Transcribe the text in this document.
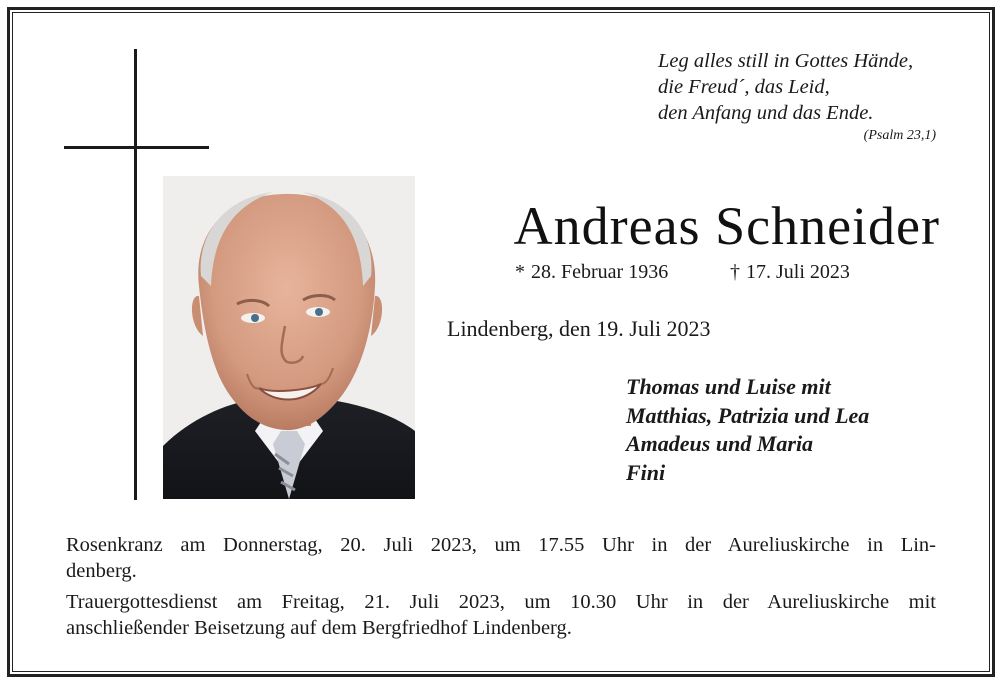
Leg alles still in Gottes Hände,
die Freud´, das Leid,
den Anfang und das Ende.
(Psalm 23,1)
Andreas Schneider
* 28. Februar 1936	† 17. Juli 2023
Lindenberg, den 19. Juli 2023
Thomas und Luise mit
Matthias, Patrizia und Lea
Amadeus und Maria
Fini
Rosenkranz am Donnerstag, 20. Juli 2023, um 17.55 Uhr in der Aureliuskirche in Lin-
denberg.
Trauergottesdienst am Freitag, 21. Juli 2023, um 10.30 Uhr in der Aureliuskirche mit
anschließender Beisetzung auf dem Bergfriedhof Lindenberg.
